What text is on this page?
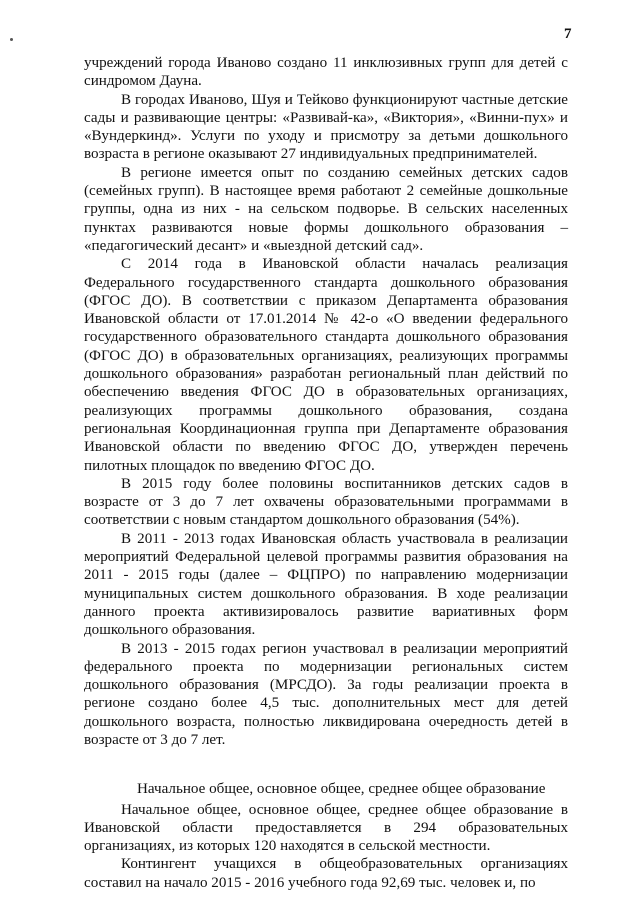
7

учреждений города Иваново создано 11 инклюзивных групп для детей с синдромом Дауна.

В городах Иваново, Шуя и Тейково функционируют частные детские сады и развивающие центры: «Развивай-ка», «Виктория», «Винни-пух» и «Вундеркинд». Услуги по уходу и присмотру за детьми дошкольного возраста в регионе оказывают 27 индивидуальных предпринимателей.

В регионе имеется опыт по созданию семейных детских садов (семейных групп). В настоящее время работают 2 семейные дошкольные группы, одна из них - на сельском подворье. В сельских населенных пунктах развиваются новые формы дошкольного образования – «педагогический десант» и «выездной детский сад».

С 2014 года в Ивановской области началась реализация Федерального государственного стандарта дошкольного образования (ФГОС ДО). В соответствии с приказом Департамента образования Ивановской области от 17.01.2014 № 42-о «О введении федерального государственного образовательного стандарта дошкольного образования (ФГОС ДО) в образовательных организациях, реализующих программы дошкольного образования» разработан региональный план действий по обеспечению введения ФГОС ДО в образовательных организациях, реализующих программы дошкольного образования, создана региональная Координационная группа при Департаменте образования Ивановской области по введению ФГОС ДО, утвержден перечень пилотных площадок по введению ФГОС ДО.

В 2015 году более половины воспитанников детских садов в возрасте от 3 до 7 лет охвачены образовательными программами в соответствии с новым стандартом дошкольного образования (54%).

В 2011 - 2013 годах Ивановская область участвовала в реализации мероприятий Федеральной целевой программы развития образования на 2011 - 2015 годы (далее – ФЦПРО) по направлению модернизации муниципальных систем дошкольного образования. В ходе реализации данного проекта активизировалось развитие вариативных форм дошкольного образования.

В 2013 - 2015 годах регион участвовал в реализации мероприятий федерального проекта по модернизации региональных систем дошкольного образования (МРСДО). За годы реализации проекта в регионе создано более 4,5 тыс. дополнительных мест для детей дошкольного возраста, полностью ликвидирована очередность детей в возрасте от 3 до 7 лет.

Начальное общее, основное общее, среднее общее образование

Начальное общее, основное общее, среднее общее образование в Ивановской области предоставляется в 294 образовательных организациях, из которых 120 находятся в сельской местности.

Контингент учащихся в общеобразовательных организациях составил на начало 2015 - 2016 учебного года 92,69 тыс. человек и, по
